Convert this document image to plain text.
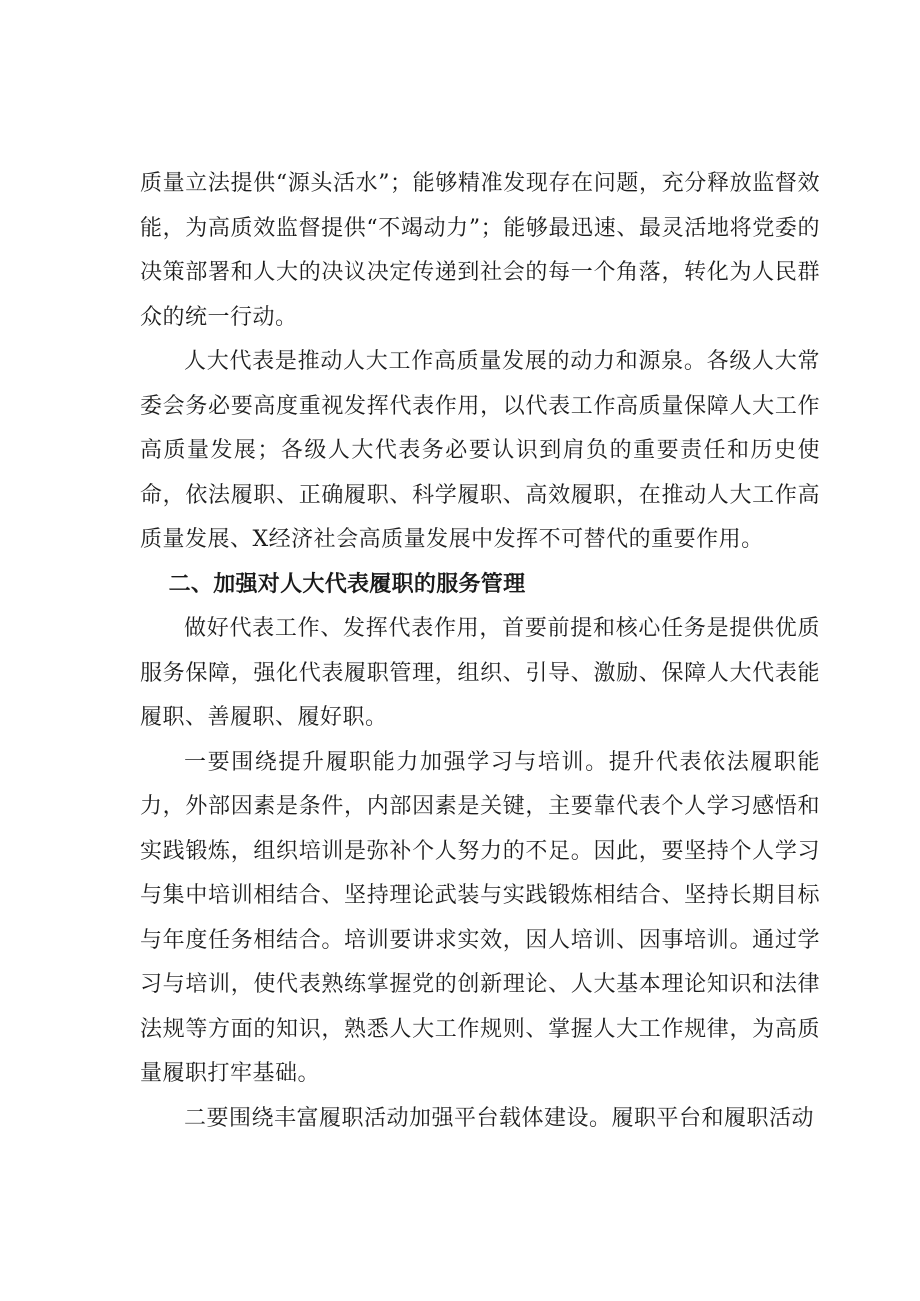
质量立法提供“源头活水”；能够精准发现存在问题，充分释放监督效能，为高质效监督提供“不竭动力”；能够最迅速、最灵活地将党委的决策部署和人大的决议决定传递到社会的每一个角落，转化为人民群众的统一行动。

人大代表是推动人大工作高质量发展的动力和源泉。各级人大常委会务必要高度重视发挥代表作用，以代表工作高质量保障人大工作高质量发展；各级人大代表务必要认识到肩负的重要责任和历史使命，依法履职、正确履职、科学履职、高效履职，在推动人大工作高质量发展、X经济社会高质量发展中发挥不可替代的重要作用。

二、加强对人大代表履职的服务管理

做好代表工作、发挥代表作用，首要前提和核心任务是提供优质服务保障，强化代表履职管理，组织、引导、激励、保障人大代表能履职、善履职、履好职。

一要围绕提升履职能力加强学习与培训。提升代表依法履职能力，外部因素是条件，内部因素是关键，主要靠代表个人学习感悟和实践锻炼，组织培训是弥补个人努力的不足。因此，要坚持个人学习与集中培训相结合、坚持理论武装与实践锻炼相结合、坚持长期目标与年度任务相结合。培训要讲求实效，因人培训、因事培训。通过学习与培训，使代表熟练掌握党的创新理论、人大基本理论知识和法律法规等方面的知识，熟悉人大工作规则、掌握人大工作规律，为高质量履职打牢基础。

二要围绕丰富履职活动加强平台载体建设。履职平台和履职活动
